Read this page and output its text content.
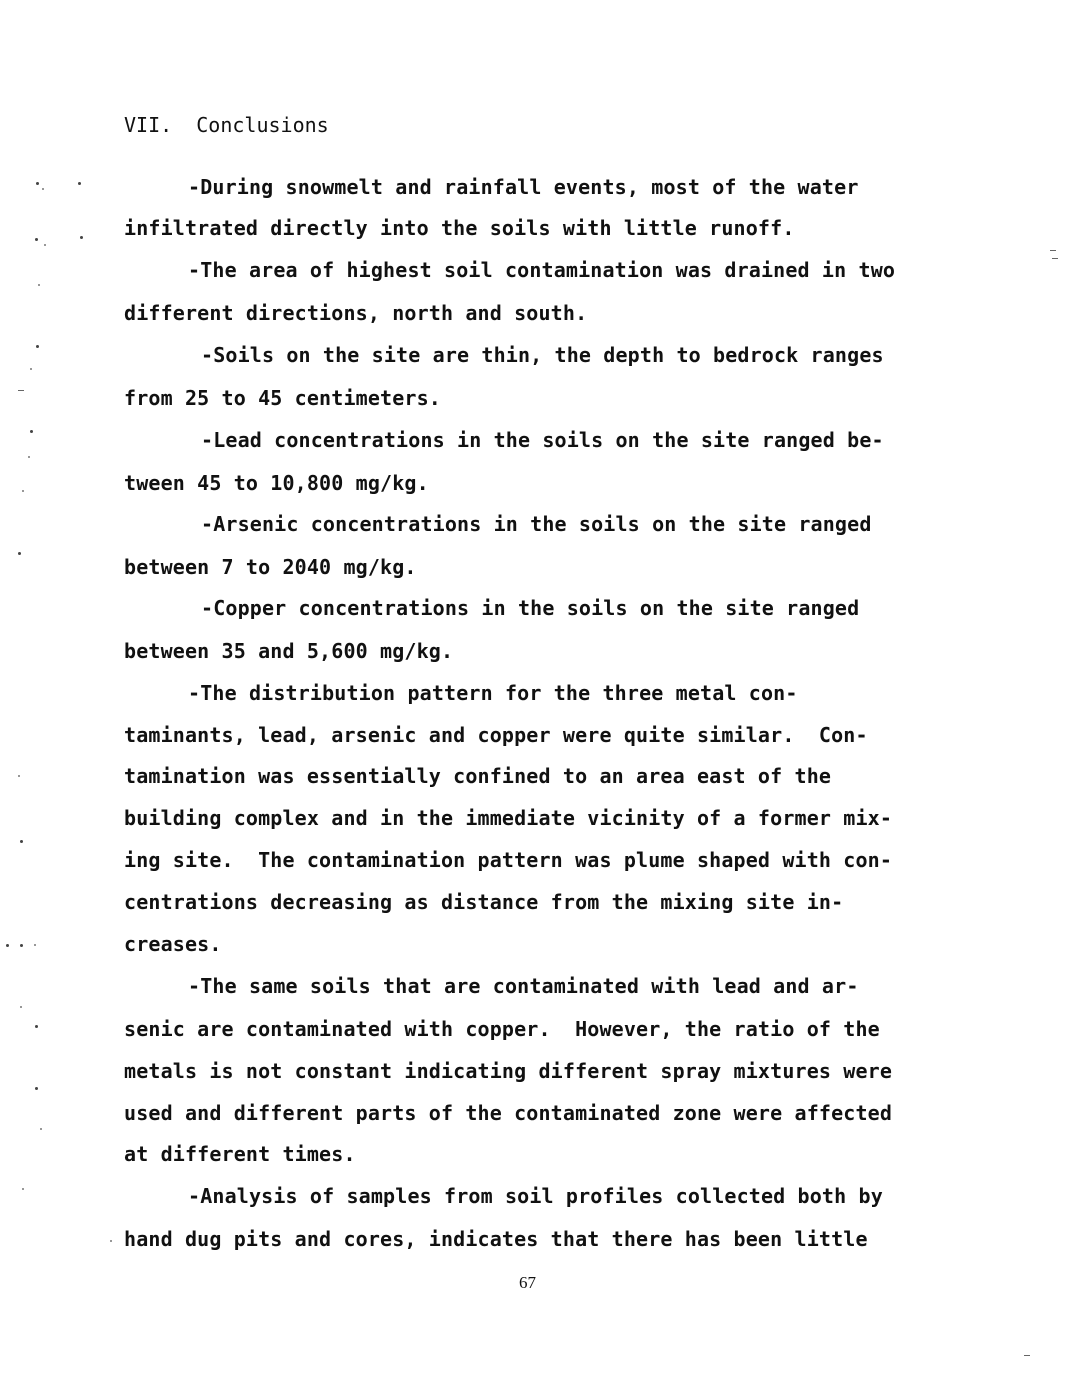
VII.  Conclusions
-During snowmelt and rainfall events, most of the water
infiltrated directly into the soils with little runoff.
-The area of highest soil contamination was drained in two
different directions, north and south.
-Soils on the site are thin, the depth to bedrock ranges
from 25 to 45 centimeters.
-Lead concentrations in the soils on the site ranged be-
tween 45 to 10,800 mg/kg.
-Arsenic concentrations in the soils on the site ranged
between 7 to 2040 mg/kg.
-Copper concentrations in the soils on the site ranged
between 35 and 5,600 mg/kg.
-The distribution pattern for the three metal con-
taminants, lead, arsenic and copper were quite similar.  Con-
tamination was essentially confined to an area east of the
building complex and in the immediate vicinity of a former mix-
ing site.  The contamination pattern was plume shaped with con-
centrations decreasing as distance from the mixing site in-
creases.
-The same soils that are contaminated with lead and ar-
senic are contaminated with copper.  However, the ratio of the
metals is not constant indicating different spray mixtures were
used and different parts of the contaminated zone were affected
at different times.
-Analysis of samples from soil profiles collected both by
hand dug pits and cores, indicates that there has been little
67
